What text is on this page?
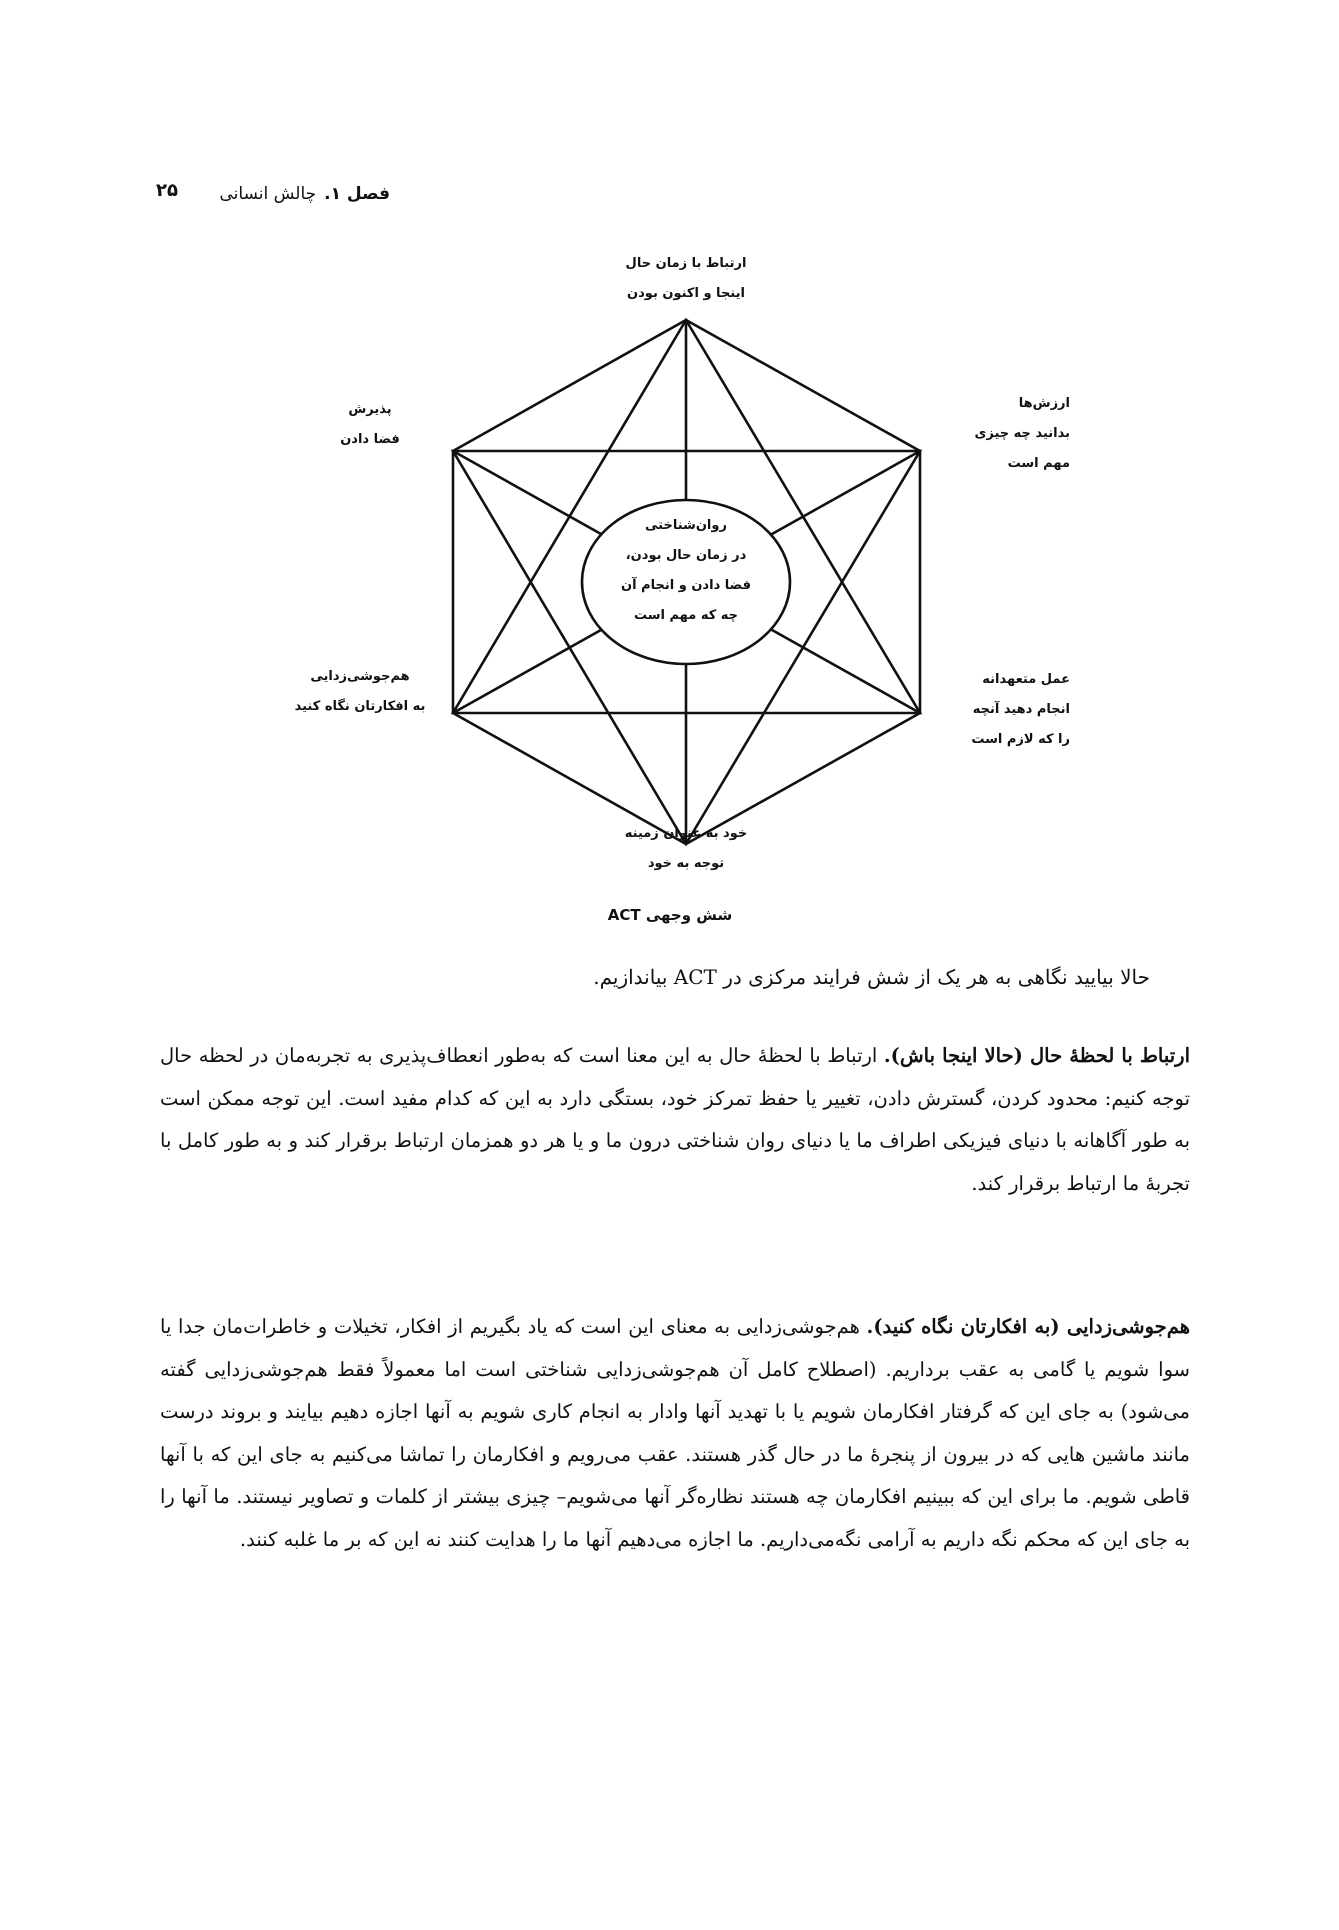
فصل ۱.
چالش انسانی
۲۵
روان‌شناختی
در زمان حال بودن،
فضا دادن و انجام آن
چه که مهم است
ارتباط با زمان حال
اینجا و اکنون بودن
ارزش‌ها
بدانید چه چیزی
مهم است
عمل متعهدانه
انجام دهید آنچه
را که لازم است
خود به عنوان زمینه
توجه به خود
هم‌جوشی‌زدایی
به افکارتان نگاه کنید
پذیرش
فضا دادن
شش وجهی ACT
حالا بیایید نگاهی به هر یک از شش فرایند مرکزی در ACT بیاندازیم.
ارتباط با لحظهٔ حال (حالا اینجا باش). ارتباط با لحظهٔ حال به این معنا است که به‌طور انعطاف‌پذیری به تجربه‌مان در لحظه حال توجه کنیم: محدود کردن، گسترش دادن، تغییر یا حفظ تمرکز خود، بستگی دارد به این که کدام مفید است. این توجه ممکن است به طور آگاهانه با دنیای فیزیکی اطراف ما یا دنیای روان شناختی درون ما و یا هر دو همزمان ارتباط برقرار کند و به طور کامل با تجربهٔ ما ارتباط برقرار کند.
هم‌جوشی‌زدایی (به افکارتان نگاه کنید). هم‌جوشی‌زدایی به معنای این است که یاد بگیریم از افکار، تخیلات و خاطرات‌مان جدا یا سوا شویم یا گامی به عقب برداریم. (اصطلاح کامل آن هم‌جوشی‌زدایی شناختی است اما معمولاً فقط هم‌جوشی‌زدایی گفته می‌شود) به جای این که گرفتار افکارمان شویم یا با تهدید آنها وادار به انجام کاری شویم به آنها اجازه دهیم بیایند و بروند درست مانند ماشین هایی که در بیرون از پنجرهٔ ما در حال گذر هستند. عقب می‌رویم و افکارمان را تماشا می‌کنیم به جای این که با آنها قاطی شویم. ما برای این که ببینیم افکارمان چه هستند نظاره‌گر آنها می‌شویم– چیزی بیشتر از کلمات و تصاویر نیستند. ما آنها را به جای این که محکم نگه داریم به آرامی نگه‌می‌داریم. ما اجازه می‌دهیم آنها ما را هدایت کنند نه این که بر ما غلبه کنند.
